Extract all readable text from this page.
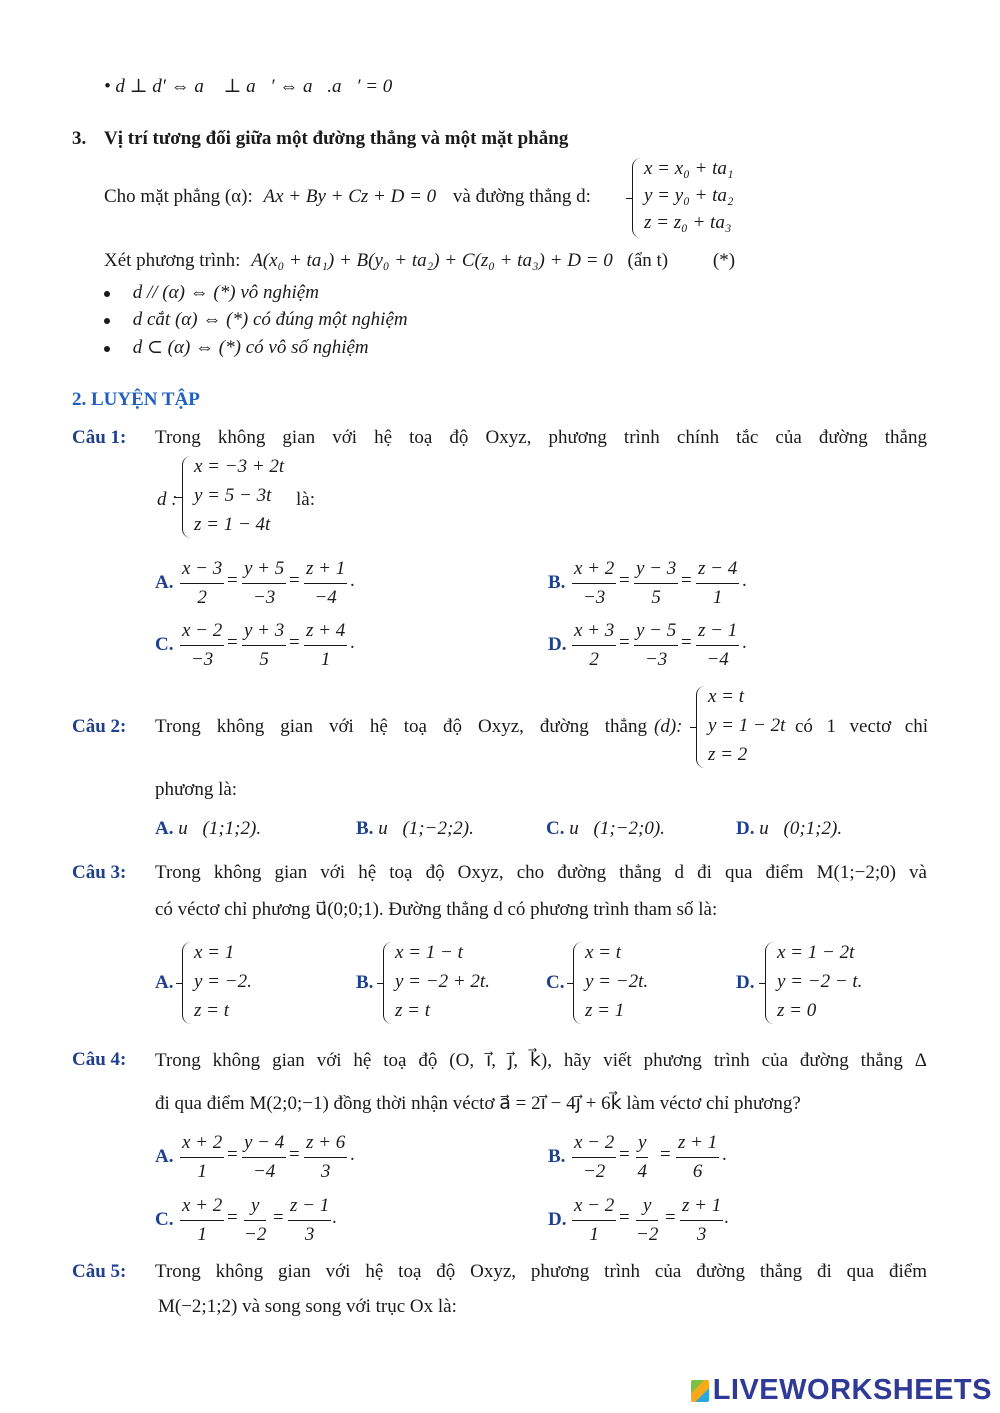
• d ⊥ d′ ⇔ a⃗ ⊥ a⃗′ ⇔ a⃗.a⃗′ = 0
3. Vị trí tương đối giữa một đường thẳng và một mặt phẳng
Cho mặt phẳng (α): Ax + By + Cz + D = 0 và đường thẳng d:
x = x₀ + ta₁
y = y₀ + ta₂
z = z₀ + ta₃
Xét phương trình: A(x₀ + ta₁) + B(y₀ + ta₂) + C(z₀ + ta₃) + D = 0 (ẩn t) (*)
d // (α) ⇔ (*) vô nghiệm
d cắt (α) ⇔ (*) có đúng một nghiệm
d ⊂ (α) ⇔ (*) có vô số nghiệm
2. LUYỆN TẬP
Câu 1: Trong không gian với hệ toạ độ Oxyz, phương trình chính tắc của đường thẳng
d :
x = −3 + 2t
y = 5 − 3t
z = 1 − 4t
là:
A. $\frac{x - 3}{2} = \frac{y + 5}{-3} = \frac{z + 1}{-4}$ .	B. $\frac{x + 2}{-3} = \frac{y - 3}{5} = \frac{z - 4}{1}$ .
C. $\frac{x - 2}{-3} = \frac{y + 3}{5} = \frac{z + 4}{1}$ .	D. $\frac{x + 3}{2} = \frac{y - 5}{-3} = \frac{z - 1}{-4}$ .
Câu 2: Trong không gian với hệ toạ độ Oxyz, đường thẳng (d):
x = t
y = 1 − 2t
z = 2
có 1 vectơ chỉ
phương là:
A. u⃗(1;1;2).	B. u⃗(1;−2;2).	C. u⃗(1;−2;0).	D. u⃗(0;1;2).
Câu 3: Trong không gian với hệ toạ độ Oxyz, cho đường thẳng d đi qua điểm M(1;−2;0) và
có véctơ chỉ phương u⃗(0;0;1). Đường thẳng d có phương trình tham số là:
A.
x = 1
y = −2.
z = t
B.
x = 1 − t
y = −2 + 2t.
z = t
C.
x = t
y = −2t.
z = 1
D.
x = 1 − 2t
y = −2 − t.
z = 0
Câu 4: Trong không gian với hệ toạ độ (O, i⃗, j⃗, k⃗), hãy viết phương trình của đường thẳng Δ
đi qua điểm M(2;0;−1) đồng thời nhận véctơ a⃗ = 2i⃗ − 4j⃗ + 6k⃗ làm véctơ chỉ phương?
A. $\frac{x + 2}{1} = \frac{y - 4}{-4} = \frac{z + 6}{3}$ .	B. $\frac{x - 2}{-2} = \frac{y}{4} = \frac{z + 1}{6}$ .
C. $\frac{x + 2}{1} = \frac{y}{-2} = \frac{z - 1}{3}$ .	D. $\frac{x - 2}{1} = \frac{y}{-2} = \frac{z + 1}{3}$ .
Câu 5: Trong không gian với hệ toạ độ Oxyz, phương trình của đường thẳng đi qua điểm
M(−2;1;2) và song song với trục Ox là:
LIVEWORKSHEETS
